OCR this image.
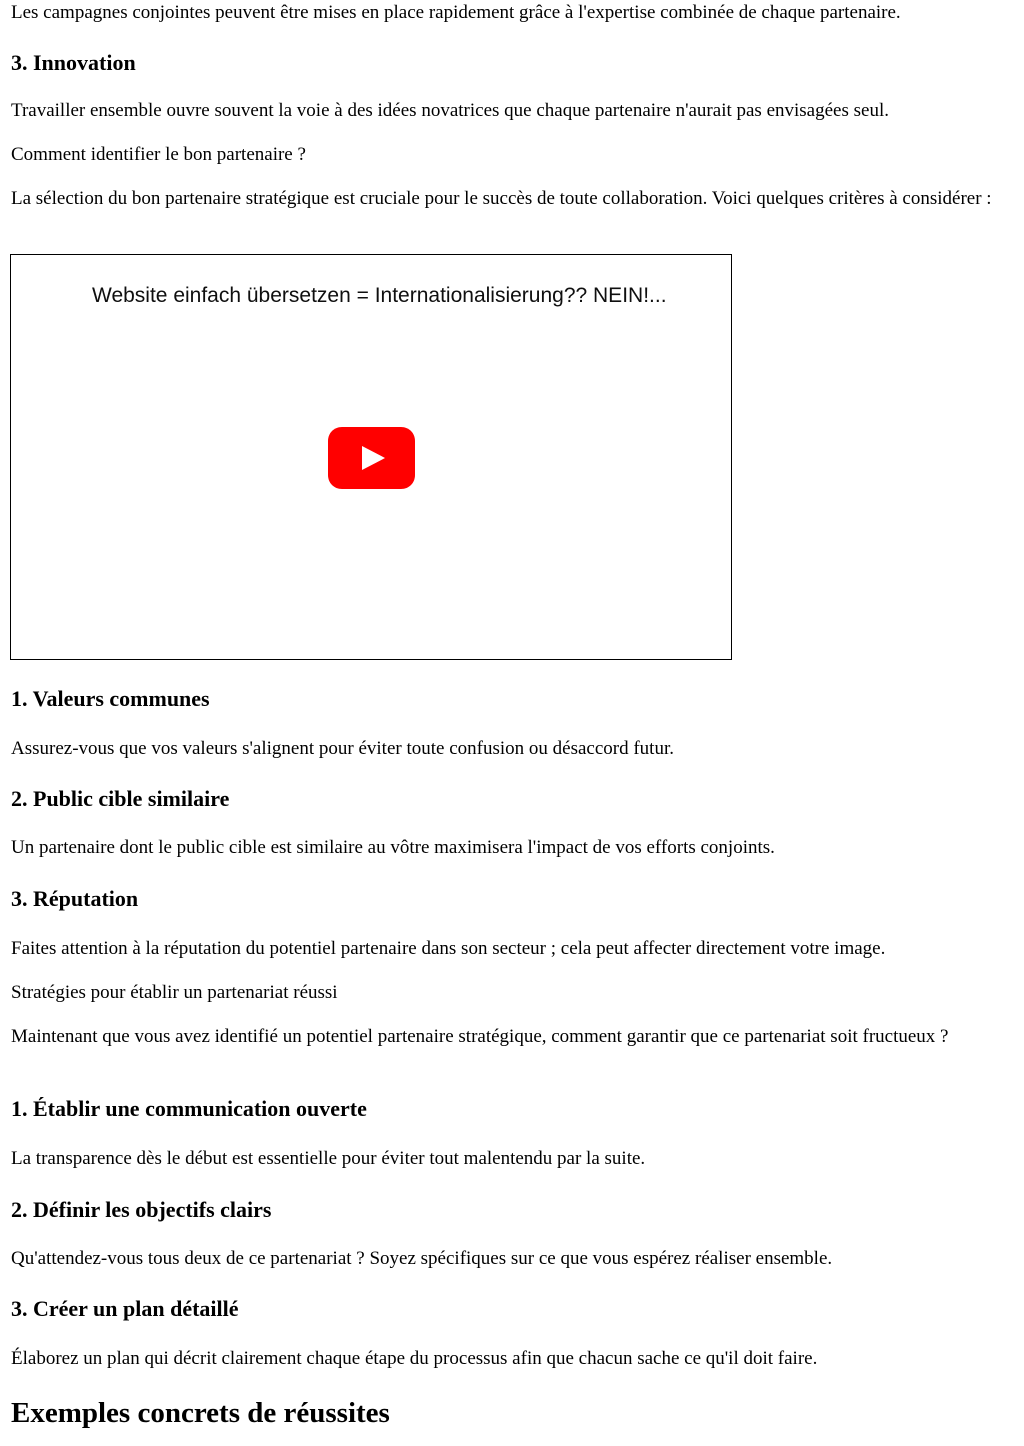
Les campagnes conjointes peuvent être mises en place rapidement grâce à l'expertise combinée de chaque partenaire.

3. Innovation

Travailler ensemble ouvre souvent la voie à des idées novatrices que chaque partenaire n'aurait pas envisagées seul.

Comment identifier le bon partenaire ?

La sélection du bon partenaire stratégique est cruciale pour le succès de toute collaboration. Voici quelques critères à considérer :

1. Valeurs communes

Assurez-vous que vos valeurs s'alignent pour éviter toute confusion ou désaccord futur.

2. Public cible similaire

Un partenaire dont le public cible est similaire au vôtre maximisera l'impact de vos efforts conjoints.

3. Réputation

Faites attention à la réputation du potentiel partenaire dans son secteur ; cela peut affecter directement votre image.

Stratégies pour établir un partenariat réussi

Maintenant que vous avez identifié un potentiel partenaire stratégique, comment garantir que ce partenariat soit fructueux ?

1. Établir une communication ouverte

La transparence dès le début est essentielle pour éviter tout malentendu par la suite.

2. Définir les objectifs clairs

Qu'attendez-vous tous deux de ce partenariat ? Soyez spécifiques sur ce que vous espérez réaliser ensemble.

3. Créer un plan détaillé

Élaborez un plan qui décrit clairement chaque étape du processus afin que chacun sache ce qu'il doit faire.

Exemples concrets de réussites
Website einfach übersetzen = Internationalisierung?? NEIN!...
